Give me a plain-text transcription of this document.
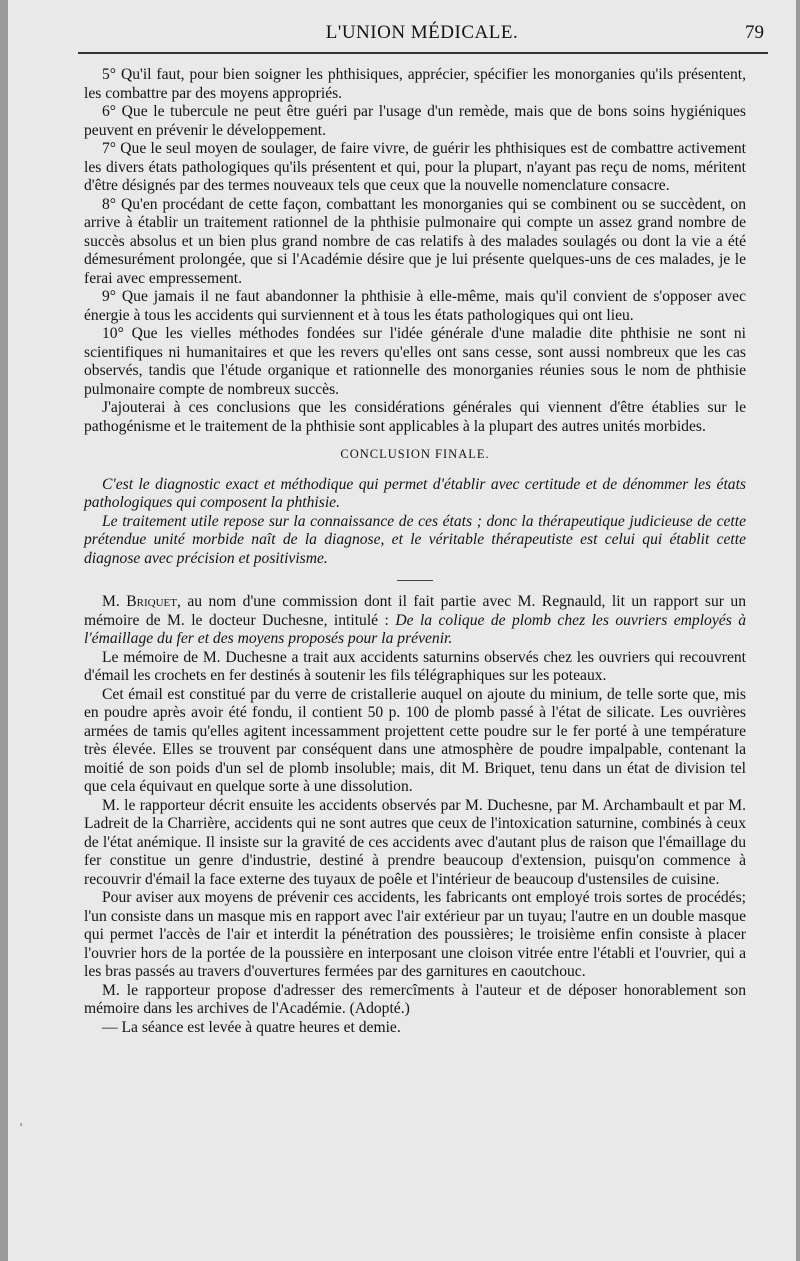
L'UNION MÉDICALE.	79

5° Qu'il faut, pour bien soigner les phthisiques, apprécier, spécifier les monorganies qu'ils présentent, les combattre par des moyens appropriés.

6° Que le tubercule ne peut être guéri par l'usage d'un remède, mais que de bons soins hygiéniques peuvent en prévenir le développement.

7° Que le seul moyen de soulager, de faire vivre, de guérir les phthisiques est de combattre activement les divers états pathologiques qu'ils présentent et qui, pour la plupart, n'ayant pas reçu de noms, méritent d'être désignés par des termes nouveaux tels que ceux que la nouvelle nomenclature consacre.

8° Qu'en procédant de cette façon, combattant les monorganies qui se combinent ou se succèdent, on arrive à établir un traitement rationnel de la phthisie pulmonaire qui compte un assez grand nombre de succès absolus et un bien plus grand nombre de cas relatifs à des malades soulagés ou dont la vie a été démesurément prolongée, que si l'Académie désire que je lui présente quelques-uns de ces malades, je le ferai avec empressement.

9° Que jamais il ne faut abandonner la phthisie à elle-même, mais qu'il convient de s'opposer avec énergie à tous les accidents qui surviennent et à tous les états pathologiques qui ont lieu.

10° Que les vielles méthodes fondées sur l'idée générale d'une maladie dite phthisie ne sont ni scientifiques ni humanitaires et que les revers qu'elles ont sans cesse, sont aussi nombreux que les cas observés, tandis que l'étude organique et rationnelle des monorganies réunies sous le nom de phthisie pulmonaire compte de nombreux succès.

J'ajouterai à ces conclusions que les considérations générales qui viennent d'être établies sur le pathogénisme et le traitement de la phthisie sont applicables à la plupart des autres unités morbides.

CONCLUSION FINALE.

C'est le diagnostic exact et méthodique qui permet d'établir avec certitude et de dénommer les états pathologiques qui composent la phthisie.

Le traitement utile repose sur la connaissance de ces états ; donc la thérapeutique judicieuse de cette prétendue unité morbide naît de la diagnose, et le véritable thérapeutiste est celui qui établit cette diagnose avec précision et positivisme.

M. Briquet, au nom d'une commission dont il fait partie avec M. Regnauld, lit un rapport sur un mémoire de M. le docteur Duchesne, intitulé : De la colique de plomb chez les ouvriers employés à l'émaillage du fer et des moyens proposés pour la prévenir.

Le mémoire de M. Duchesne a trait aux accidents saturnins observés chez les ouvriers qui recouvrent d'émail les crochets en fer destinés à soutenir les fils télégraphiques sur les poteaux.

Cet émail est constitué par du verre de cristallerie auquel on ajoute du minium, de telle sorte que, mis en poudre après avoir été fondu, il contient 50 p. 100 de plomb passé à l'état de silicate. Les ouvrières armées de tamis qu'elles agitent incessamment projettent cette poudre sur le fer porté à une température très élevée. Elles se trouvent par conséquent dans une atmosphère de poudre impalpable, contenant la moitié de son poids d'un sel de plomb insoluble; mais, dit M. Briquet, tenu dans un état de division tel que cela équivaut en quelque sorte à une dissolution.

M. le rapporteur décrit ensuite les accidents observés par M. Duchesne, par M. Archambault et par M. Ladreit de la Charrière, accidents qui ne sont autres que ceux de l'intoxication saturnine, combinés à ceux de l'état anémique. Il insiste sur la gravité de ces accidents avec d'autant plus de raison que l'émaillage du fer constitue un genre d'industrie, destiné à prendre beaucoup d'extension, puisqu'on commence à recouvrir d'émail la face externe des tuyaux de poêle et l'intérieur de beaucoup d'ustensiles de cuisine.

Pour aviser aux moyens de prévenir ces accidents, les fabricants ont employé trois sortes de procédés; l'un consiste dans un masque mis en rapport avec l'air extérieur par un tuyau; l'autre en un double masque qui permet l'accès de l'air et interdit la pénétration des poussières; le troisième enfin consiste à placer l'ouvrier hors de la portée de la poussière en interposant une cloison vitrée entre l'établi et l'ouvrier, qui a les bras passés au travers d'ouvertures fermées par des garnitures en caoutchouc.

M. le rapporteur propose d'adresser des remercîments à l'auteur et de déposer honorablement son mémoire dans les archives de l'Académie. (Adopté.)

— La séance est levée à quatre heures et demie.

'
